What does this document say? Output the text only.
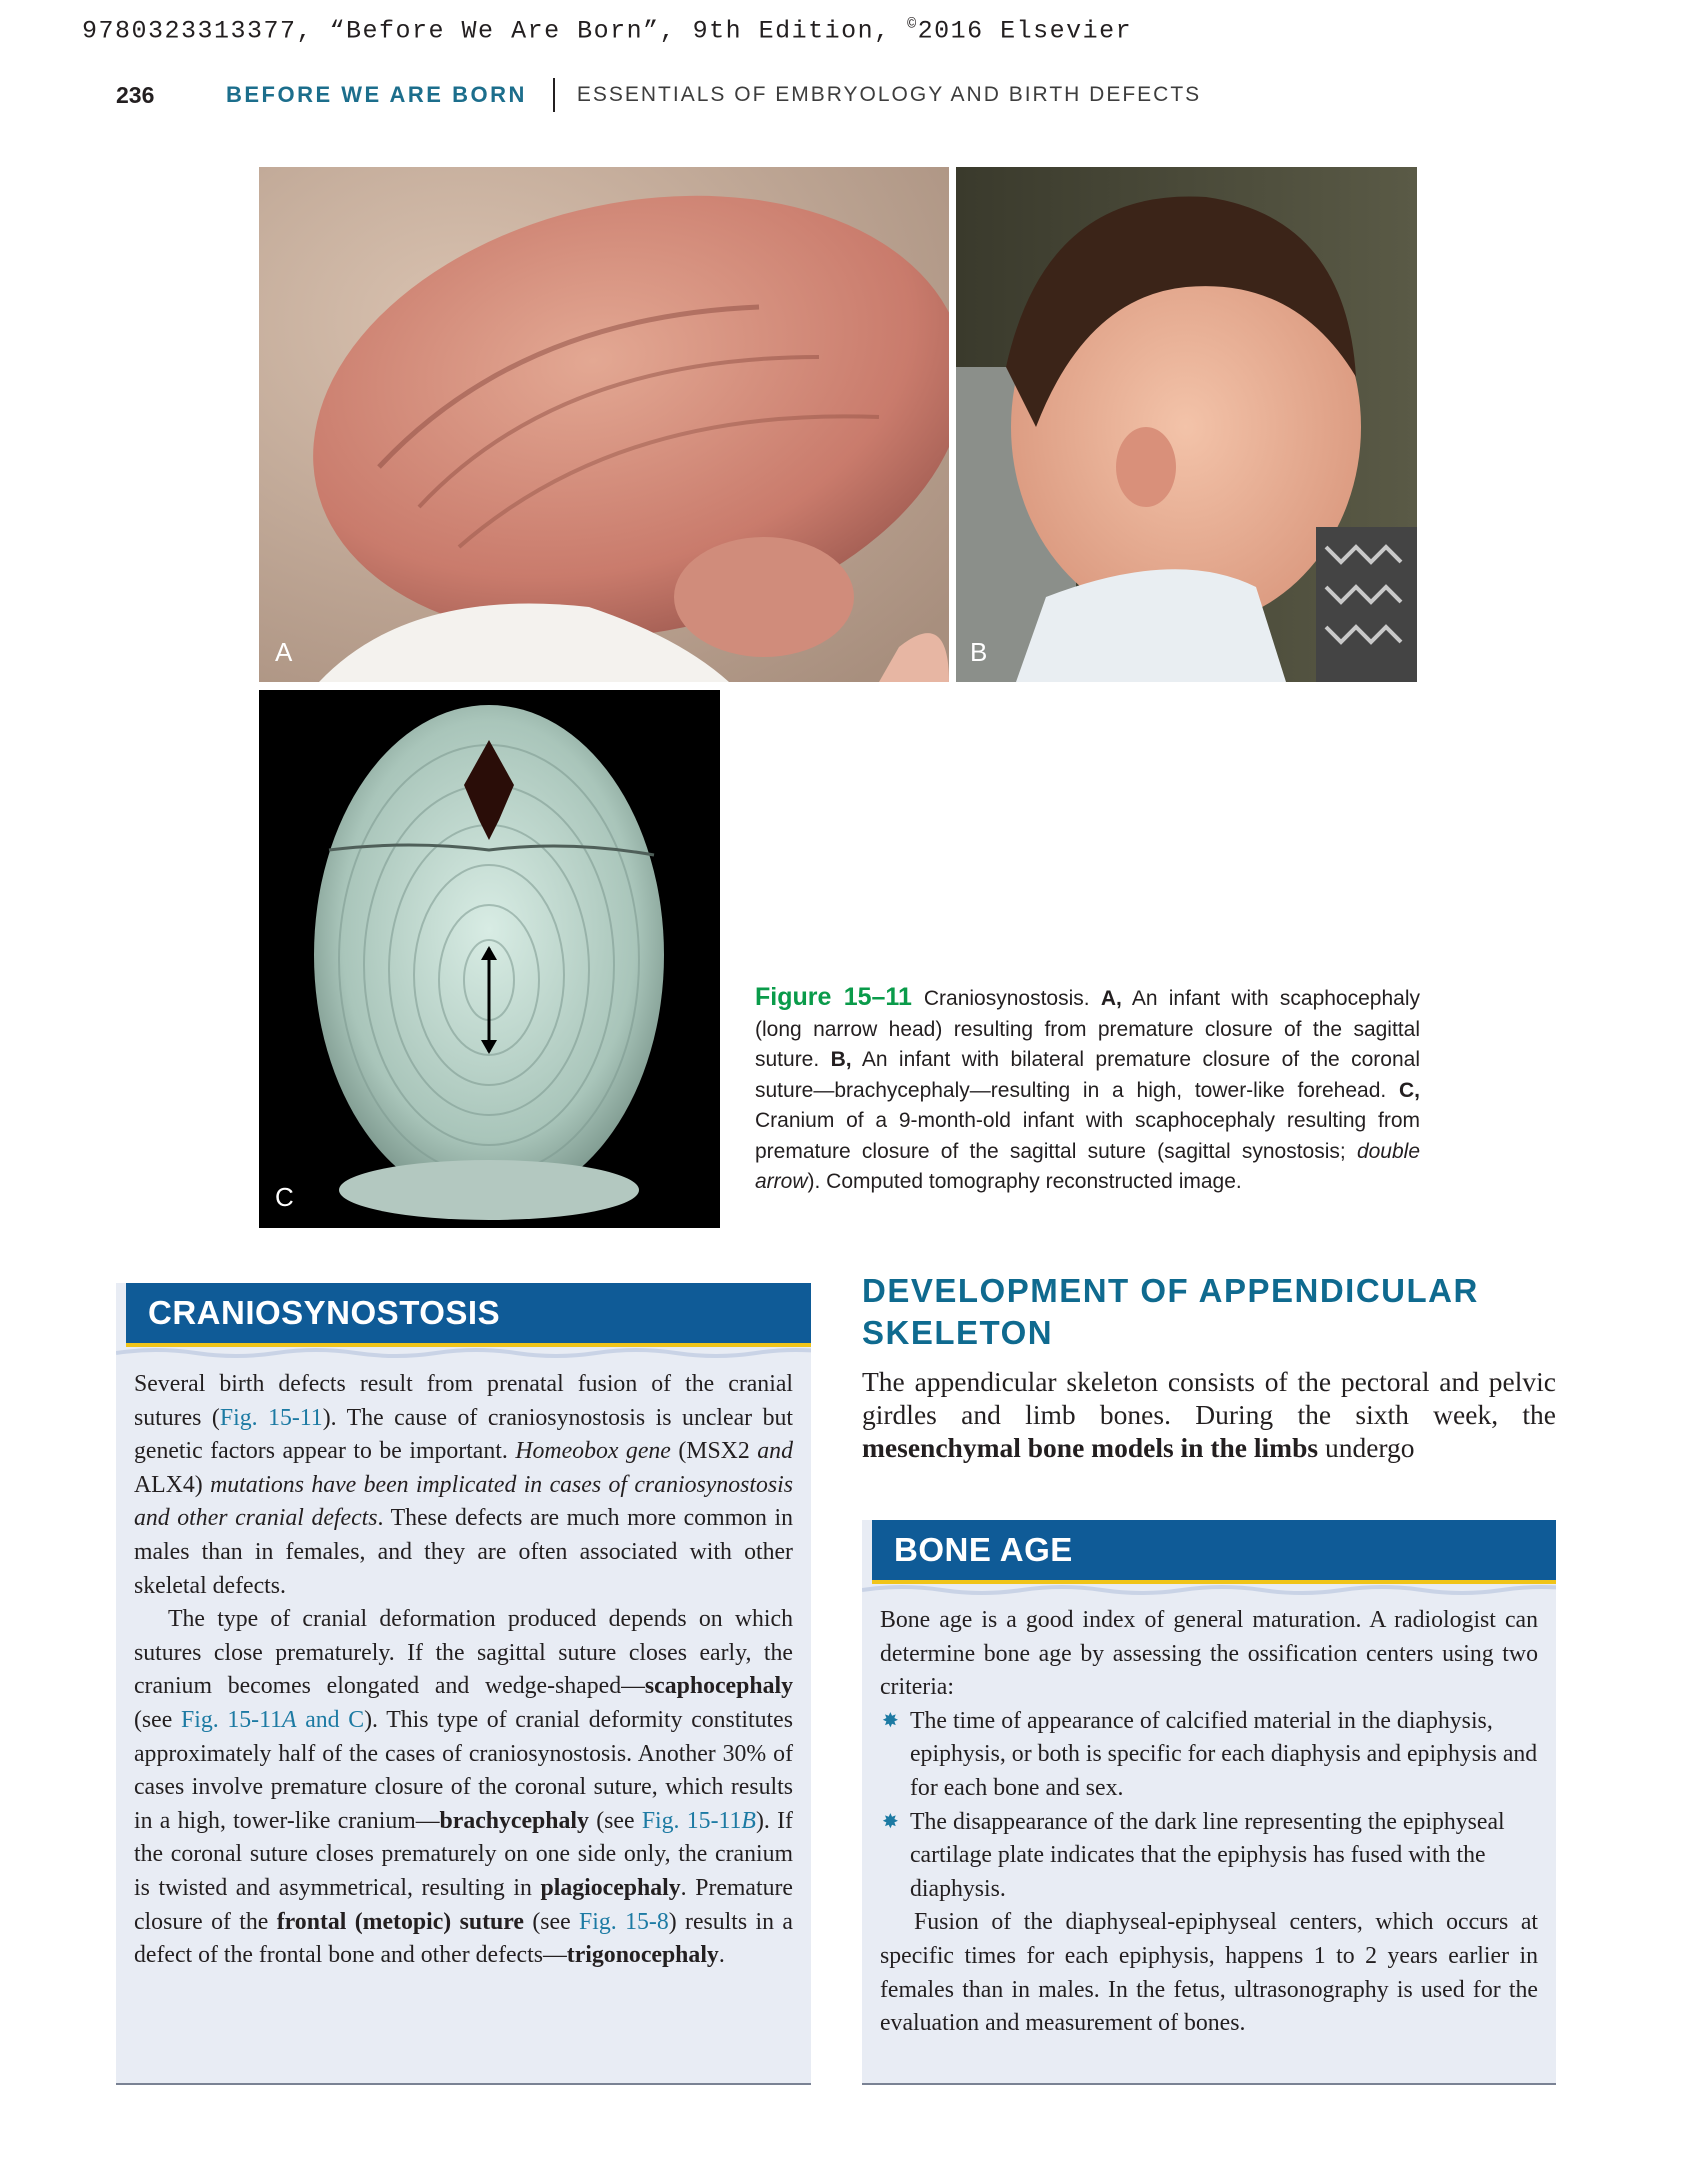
9780323313377, “Before We Are Born”, 9th Edition, ©2016 Elsevier
236	BEFORE WE ARE BORN ESSENTIALS OF EMBRYOLOGY AND BIRTH DEFECTS
A	B
C
Figure 15–11 Craniosynostosis. A, An infant with scaphocephaly (long narrow head) resulting from premature closure of the sagittal suture. B, An infant with bilateral premature closure of the coronal suture—brachycephaly—resulting in a high, tower-like forehead. C, Cranium of a 9-month-old infant with scaphocephaly resulting from premature closure of the sagittal suture (sagittal synostosis; double arrow). Computed tomography reconstructed image.
CRANIOSYNOSTOSIS

Several birth defects result from prenatal fusion of the cranial sutures (Fig. 15-11). The cause of craniosynostosis is unclear but genetic factors appear to be important. Homeobox gene (MSX2 and ALX4) mutations have been implicated in cases of craniosynostosis and other cranial defects. These defects are much more common in males than in females, and they are often associated with other skeletal defects.

The type of cranial deformation produced depends on which sutures close prematurely. If the sagittal suture closes early, the cranium becomes elongated and wedge-shaped—scaphocephaly (see Fig. 15-11A and C). This type of cranial deformity constitutes approximately half of the cases of craniosynostosis. Another 30% of cases involve premature closure of the coronal suture, which results in a high, tower-like cranium—brachycephaly (see Fig. 15-11B). If the coronal suture closes prematurely on one side only, the cranium is twisted and asymmetrical, resulting in plagiocephaly. Premature closure of the frontal (metopic) suture (see Fig. 15-8) results in a defect of the frontal bone and other defects—trigonocephaly.

DEVELOPMENT OF APPENDICULAR
SKELETON
The appendicular skeleton consists of the pectoral and pelvic girdles and limb bones. During the sixth week, the mesenchymal bone models in the limbs undergo
BONE AGE

Bone age is a good index of general maturation. A radiologist can determine bone age by assessing the ossification centers using two criteria:

✸ The time of appearance of calcified material in the diaphysis, epiphysis, or both is specific for each diaphysis and epiphysis and for each bone and sex.
✸ The disappearance of the dark line representing the epiphyseal cartilage plate indicates that the epiphysis has fused with the diaphysis.

Fusion of the diaphyseal-epiphyseal centers, which occurs at specific times for each epiphysis, happens 1 to 2 years earlier in females than in males. In the fetus, ultrasonography is used for the evaluation and measurement of bones.
